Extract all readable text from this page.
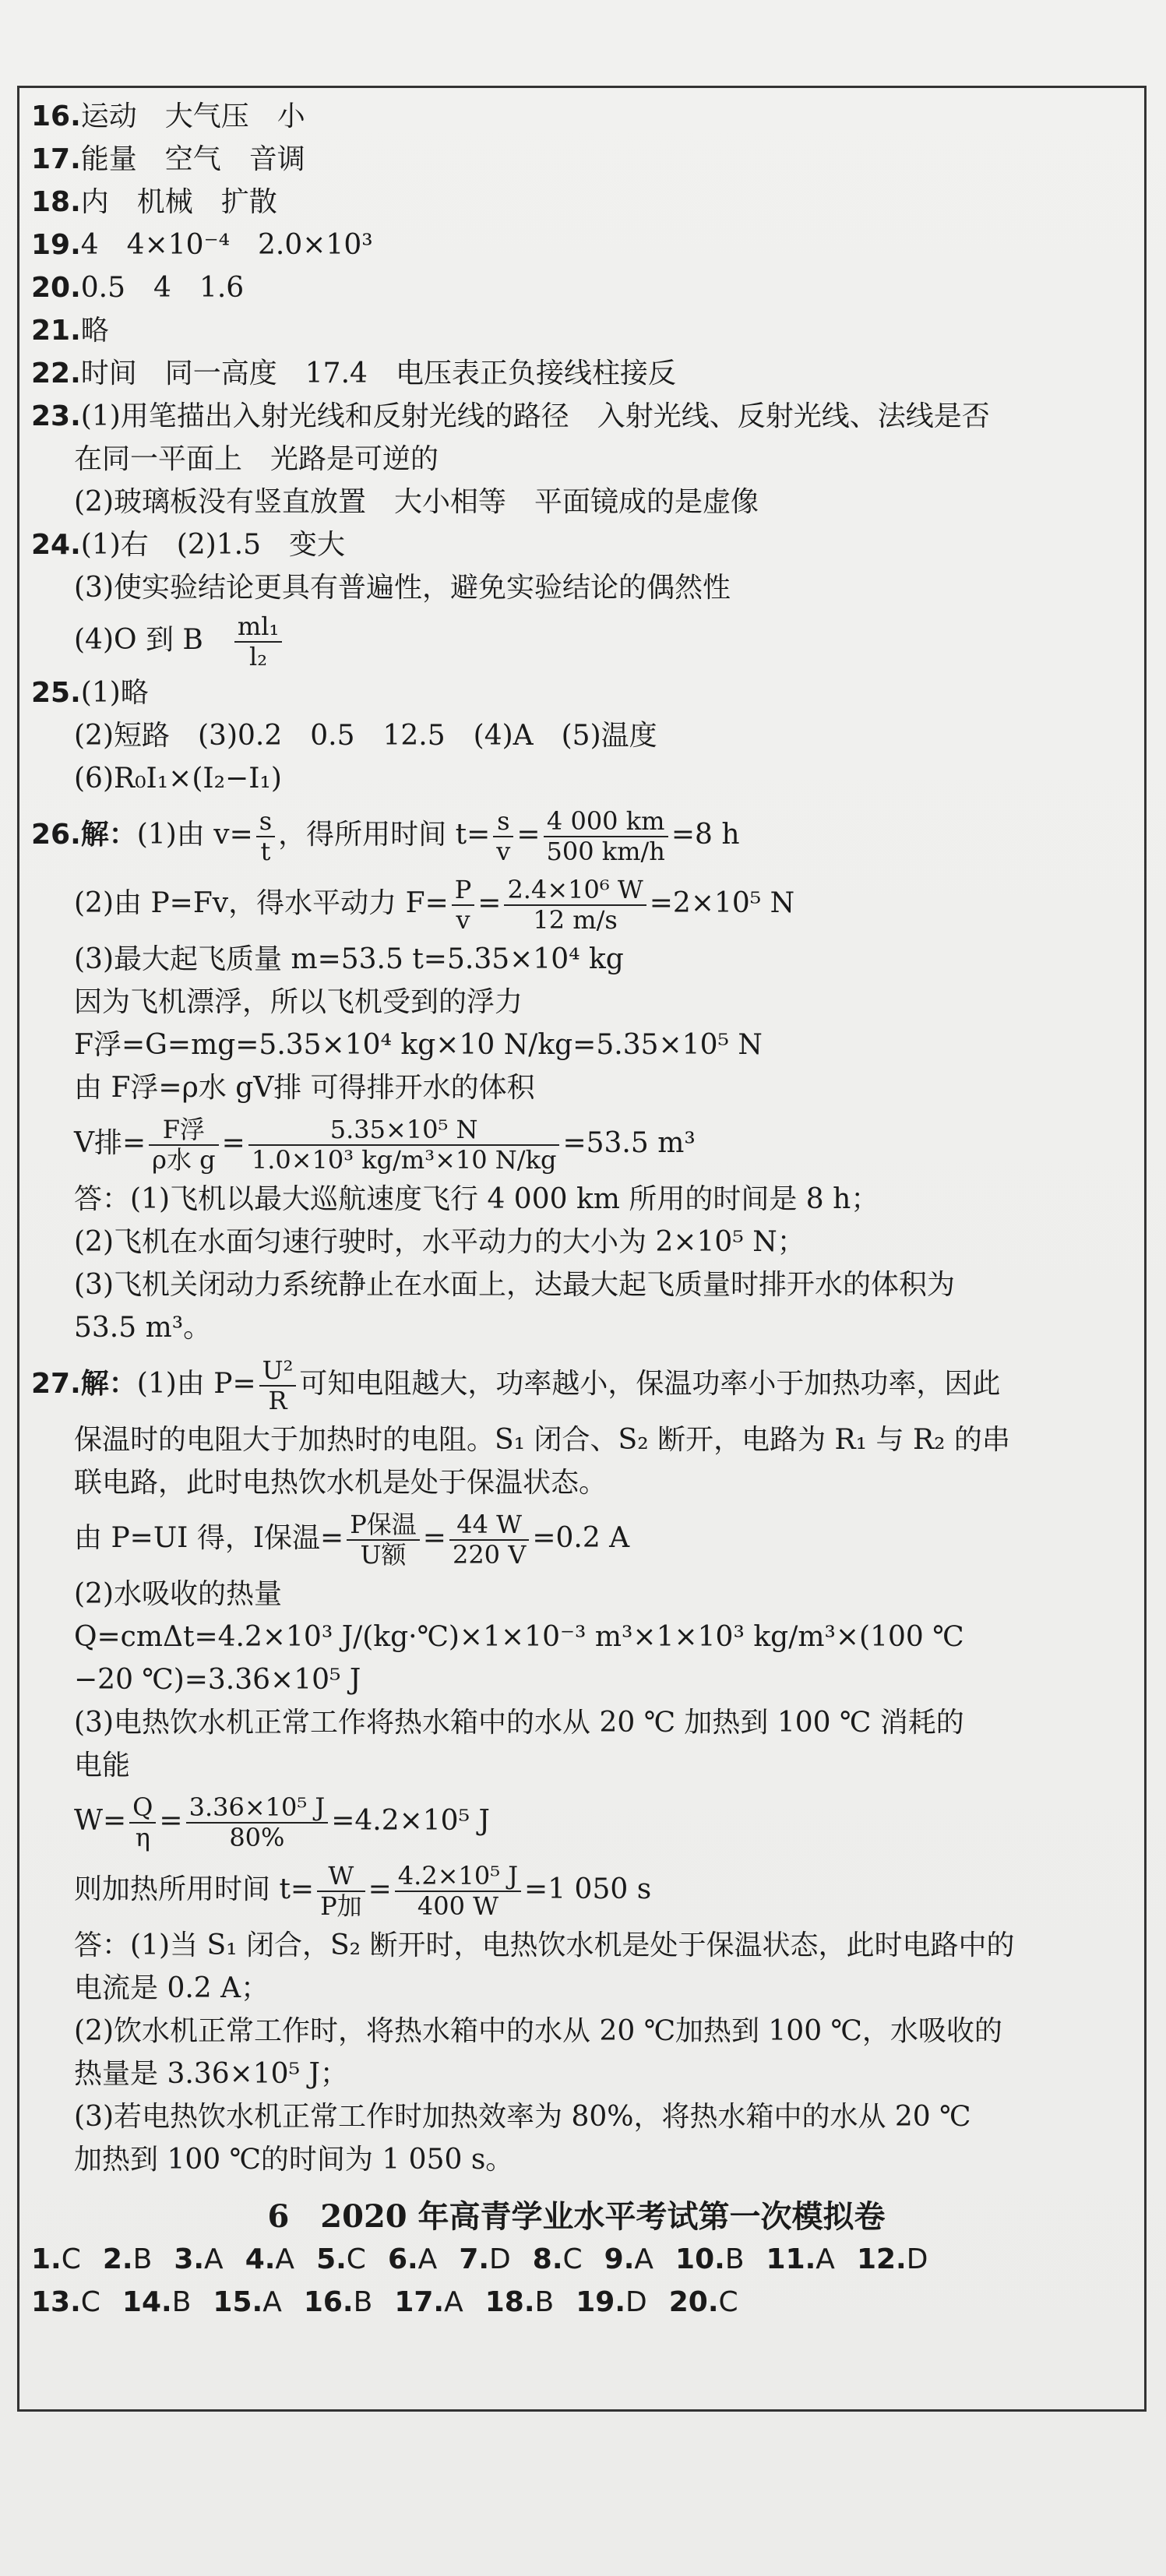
16.运动　大气压　小
17.能量　空气　音调
18.内　机械　扩散
19.4　4×10⁻⁴　2.0×10³
20.0.5　4　1.6
21.略
22.时间　同一高度　17.4　电压表正负接线柱接反
23.(1)用笔描出入射光线和反射光线的路径　入射光线、反射光线、法线是否
在同一平面上　光路是可逆的
(2)玻璃板没有竖直放置　大小相等　平面镜成的是虚像
24.(1)右　(2)1.5　变大
(3)使实验结论更具有普遍性，避免实验结论的偶然性
(4)O 到 B　 $\frac{\text{ml₁}}{\text{l₂}}$
25.(1)略
(2)短路　(3)0.2　0.5　12.5　(4)A　(5)温度
(6)R₀I₁×(I₂−I₁)
26.解：(1)由 $v= \frac{s}{t}$ ，得所用时间 $t= \frac{s}{v} = \frac{4 000 km}{500 km/h} =8$ h
(2)由 P=Fv，得水平动力 $F= \frac{P}{v} = \frac{\text{2.4×10⁶ W}}{12 m/s} =2\times 10^5$ N
(3)最大起飞质量 m=53.5 t=5.35×10⁴ kg
因为飞机漂浮，所以飞机受到的浮力
F浮=G=mg=5.35×10⁴ kg×10 N/kg=5.35×10⁵ N
由 F浮=ρ水 gV排 可得排开水的体积
V排= $\frac{\text{F浮}}{\text{ρ水 g}} = \frac{\text{5.35×10⁵ N}}{\text{1.0×10³ kg/m³×10 N/kg}} =53.5$ m³
答：(1)飞机以最大巡航速度飞行 4 000 km 所用的时间是 8 h；
(2)飞机在水面匀速行驶时，水平动力的大小为 2×10⁵ N；
(3)飞机关闭动力系统静止在水面上，达最大起飞质量时排开水的体积为
53.5 m³。
27.解：(1)由 $P= \frac{\text{U²}}{R}$ 可知电阻越大，功率越小，保温功率小于加热功率，因此
保温时的电阻大于加热时的电阻。S₁ 闭合、S₂ 断开，电路为 R₁ 与 R₂ 的串
联电路，此时电热饮水机是处于保温状态。
由 P=UI 得，I保温= $\frac{\text{P保温}}{\text{U额}} = \frac{44 W}{220 V} =0.2$ A
(2)水吸收的热量
Q=cmΔt=4.2×10³ J/(kg·℃)×1×10⁻³ m³×1×10³ kg/m³×(100 ℃
−20 ℃)=3.36×10⁵ J
(3)电热饮水机正常工作将热水箱中的水从 20 ℃ 加热到 100 ℃ 消耗的
电能
$W= \frac{Q}{\eta} = \frac{\text{3.36×10⁵ J}}{80\%} =4.2\times 10^5$ J
则加热所用时间 $t= \frac{W}{\text{P加}} = \frac{\text{4.2×10⁵ J}}{400 W} =1$ 050 s
答：(1)当 S₁ 闭合，S₂ 断开时，电热饮水机是处于保温状态，此时电路中的
电流是 0.2 A；
(2)饮水机正常工作时，将热水箱中的水从 20 ℃加热到 100 ℃，水吸收的
热量是 3.36×10⁵ J；
(3)若电热饮水机正常工作时加热效率为 80%，将热水箱中的水从 20 ℃
加热到 100 ℃的时间为 1 050 s。
6　2020 年高青学业水平考试第一次模拟卷
1.C 2.B 3.A 4.A 5.C 6.A 7.D 8.C 9.A 10.B 11.A 12.D
13.C 14.B 15.A 16.B 17.A 18.B 19.D 20.C
